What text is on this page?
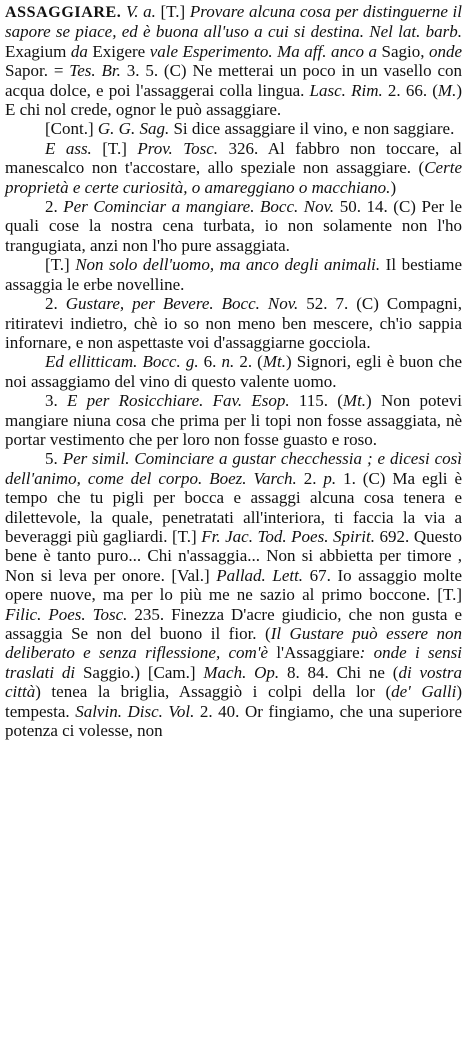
ASSAGGIARE. V. a. [T.] Provare alcuna cosa per distinguerne il sapore se piace, ed è buona all'uso a cui si destina. Nel lat. barb. Exagium da Exigere vale Esperimento. Ma aff. anco a Sagio, onde Sapor. = Tes. Br. 3. 5. (C) Ne metterai un poco in un vasello con acqua dolce, e poi l'assaggerai colla lingua. Lasc. Rim. 2. 66. (M.) E chi nol crede, ognor le può assaggiare.

[Cont.] G. G. Sag. Si dice assaggiare il vino, e non saggiare.

E ass. [T.] Prov. Tosc. 326. Al fabbro non toccare, al manescalco non t'accostare, allo speziale non assaggiare. (Certe proprietà e certe curiosità, o amareggiano o macchiano.)

2. Per Cominciar a mangiare. Bocc. Nov. 50. 14. (C) Per le quali cose la nostra cena turbata, io non solamente non l'ho trangugiata, anzi non l'ho pure assaggiata.

[T.] Non solo dell'uomo, ma anco degli animali. Il bestiame assaggia le erbe novelline.

2. Gustare, per Bevere. Bocc. Nov. 52. 7. (C) Compagni, ritiratevi indietro, chè io so non meno ben mescere, ch'io sappia infornare, e non aspettaste voi d'assaggiarne gocciola.

Ed ellitticam. Bocc. g. 6. n. 2. (Mt.) Signori, egli è buon che noi assaggiamo del vino di questo valente uomo.

3. E per Rosicchiare. Fav. Esop. 115. (Mt.) Non potevi mangiare niuna cosa che prima per li topi non fosse assaggiata, nè portar vestimento che per loro non fosse guasto e roso.

5. Per simil. Cominciare a gustar checchessia ; e dicesi così dell'animo, come del corpo. Boez. Varch. 2. p. 1. (C) Ma egli è tempo che tu pigli per bocca e assaggi alcuna cosa tenera e dilettevole, la quale, penetratati all'interiora, ti faccia la via a beveraggi più gagliardi. [T.] Fr. Jac. Tod. Poes. Spirit. 692. Questo bene è tanto puro... Chi n'assaggia... Non si abbietta per timore , Non si leva per onore. [Val.] Pallad. Lett. 67. Io assaggio molte opere nuove, ma per lo più me ne sazio al primo boccone. [T.] Filic. Poes. Tosc. 235. Finezza D'acre giudicio, che non gusta e assaggia Se non del buono il fior. (Il Gustare può essere non deliberato e senza riflessione, com'è l'Assaggiare: onde i sensi traslati di Saggio.) [Cam.] Mach. Op. 8. 84. Chi ne (di vostra città) tenea la briglia, Assaggiò i colpi della lor (de' Galli) tempesta. Salvin. Disc. Vol. 2. 40. Or fingiamo, che una superiore potenza ci volesse, non
